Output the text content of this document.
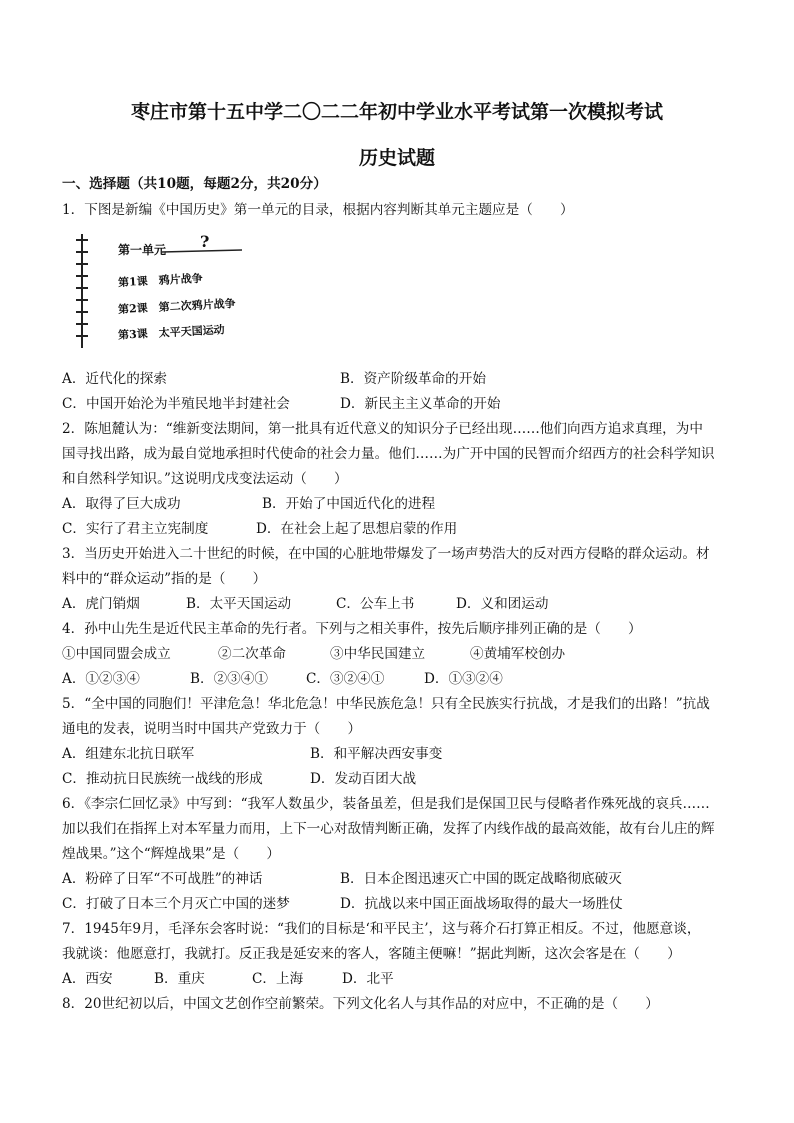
枣庄市第十五中学二〇二二年初中学业水平考试第一次模拟考试
历史试题
一、选择题（共10题，每题2分，共20分）
1．下图是新编《中国历史》第一单元的目录，根据内容判断其单元主题应是（　　）
第一单元 ?
第1课　鸦片战争
第2课　第二次鸦片战争
第3课　太平天国运动
A．近代化的探索	B．资产阶级革命的开始
C．中国开始沦为半殖民地半封建社会	D．新民主主义革命的开始
2．陈旭麓认为：“维新变法期间，第一批具有近代意义的知识分子已经出现……他们向西方追求真理，为中
国寻找出路，成为最自觉地承担时代使命的社会力量。他们……为广开中国的民智而介绍西方的社会科学知识
和自然科学知识。”这说明戊戌变法运动（　　）
A．取得了巨大成功	B．开始了中国近代化的进程
C．实行了君主立宪制度	D．在社会上起了思想启蒙的作用
3．当历史开始进入二十世纪的时候，在中国的心脏地带爆发了一场声势浩大的反对西方侵略的群众运动。材
料中的“群众运动”指的是（　　）
A．虎门销烟	B．太平天国运动	C．公车上书	D．义和团运动
4．孙中山先生是近代民主革命的先行者。下列与之相关事件，按先后顺序排列正确的是（　　）
①中国同盟会成立	②二次革命	③中华民国建立	④黄埔军校创办
A．①②③④	B．②③④①	C．③②④①	D．①③②④
5．“全中国的同胞们！平津危急！华北危急！中华民族危急！只有全民族实行抗战，才是我们的出路！”抗战
通电的发表，说明当时中国共产党致力于（　　）
A．组建东北抗日联军	B．和平解决西安事变
C．推动抗日民族统一战线的形成	D．发动百团大战
6．《李宗仁回忆录》中写到：“我军人数虽少，装备虽差，但是我们是保国卫民与侵略者作殊死战的哀兵……
加以我们在指挥上对本军量力而用，上下一心对敌情判断正确，发挥了内线作战的最高效能，故有台儿庄的辉
煌战果。”这个“辉煌战果”是（　　）
A．粉碎了日军“不可战胜”的神话	B．日本企图迅速灭亡中国的既定战略彻底破灭
C．打破了日本三个月灭亡中国的迷梦	D．抗战以来中国正面战场取得的最大一场胜仗
7．1945年9月，毛泽东会客时说：“我们的目标是‘和平民主’，这与蒋介石打算正相反。不过，他愿意谈，
我就谈：他愿意打，我就打。反正我是延安来的客人，客随主便嘛！”据此判断，这次会客是在（　　）
A．西安	B．重庆	C．上海	D．北平
8．20世纪初以后，中国文艺创作空前繁荣。下列文化名人与其作品的对应中，不正确的是（　　）
